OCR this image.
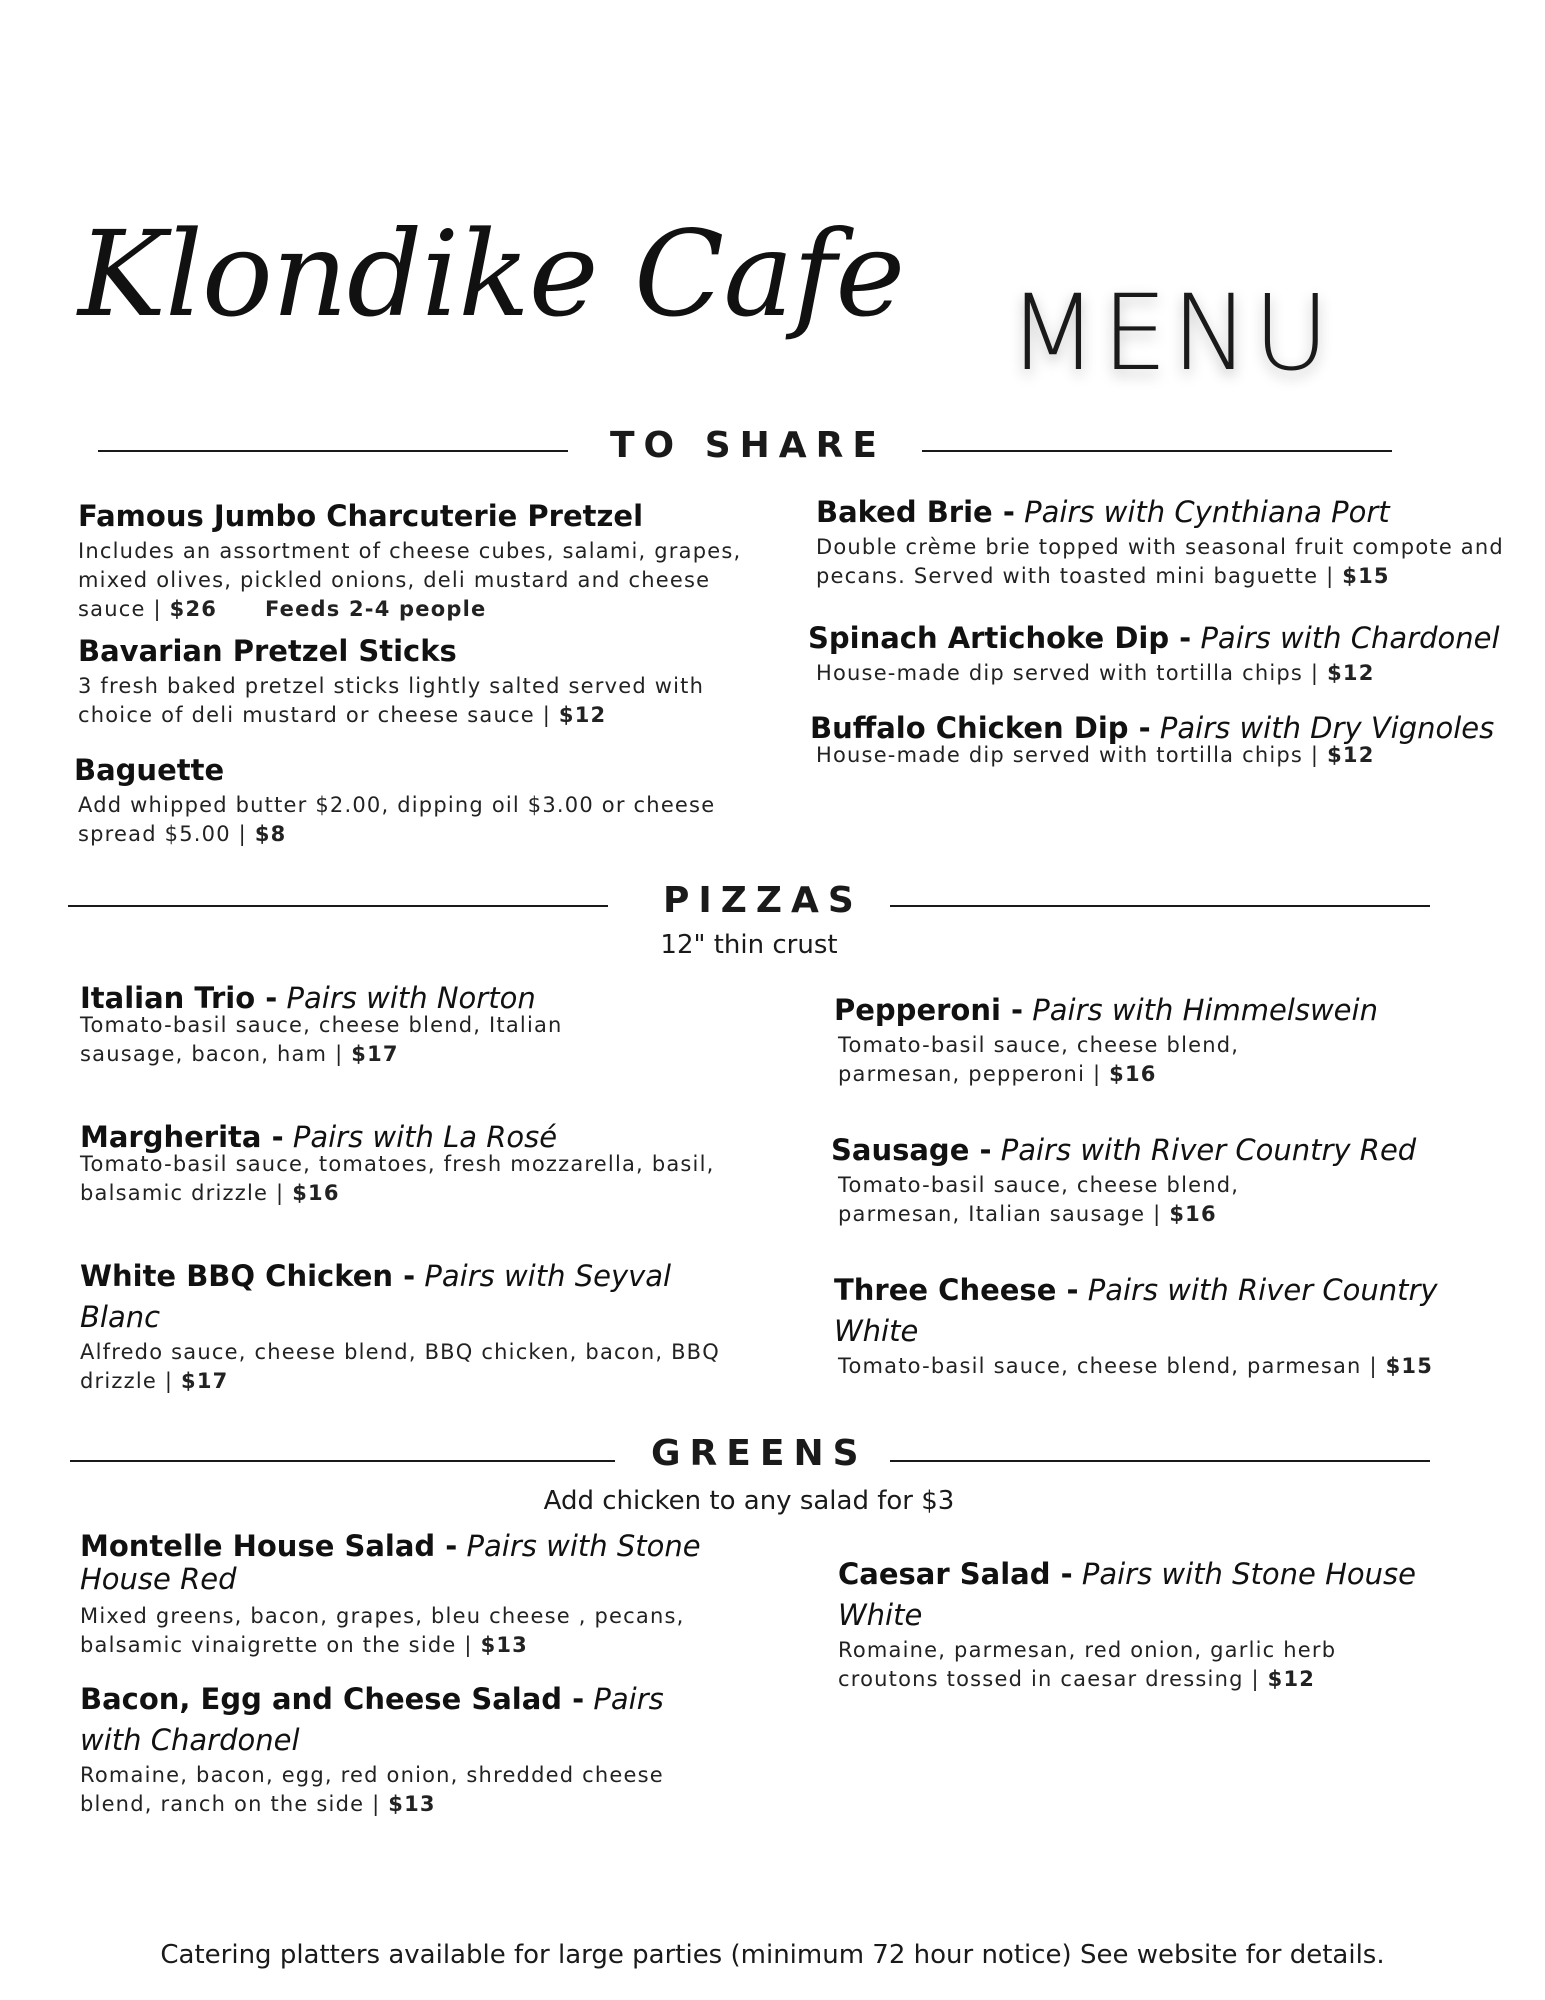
Klondike Cafe MENU
TO SHARE
Famous Jumbo Charcuterie Pretzel
Includes an assortment of cheese cubes, salami, grapes, mixed olives, pickled onions, deli mustard and cheese sauce | $26 Feeds 2-4 people
Bavarian Pretzel Sticks
3 fresh baked pretzel sticks lightly salted served with choice of deli mustard or cheese sauce | $12
Baguette
Add whipped butter $2.00, dipping oil $3.00 or cheese spread $5.00 | $8
Baked Brie - Pairs with Cynthiana Port
Double crème brie topped with seasonal fruit compote and pecans. Served with toasted mini baguette | $15
Spinach Artichoke Dip - Pairs with Chardonel
House-made dip served with tortilla chips | $12
Buffalo Chicken Dip - Pairs with Dry Vignoles
House-made dip served with tortilla chips | $12
PIZZAS
12" thin crust
Italian Trio - Pairs with Norton
Tomato-basil sauce, cheese blend, Italian sausage, bacon, ham | $17
Margherita - Pairs with La Rosé
Tomato-basil sauce, tomatoes, fresh mozzarella, basil, balsamic drizzle | $16
White BBQ Chicken - Pairs with Seyval Blanc
Alfredo sauce, cheese blend, BBQ chicken, bacon, BBQ drizzle | $17
Pepperoni - Pairs with Himmelswein
Tomato-basil sauce, cheese blend, parmesan, pepperoni | $16
Sausage - Pairs with River Country Red
Tomato-basil sauce, cheese blend, parmesan, Italian sausage | $16
Three Cheese - Pairs with River Country White
Tomato-basil sauce, cheese blend, parmesan | $15
GREENS
Add chicken to any salad for $3
Montelle House Salad - Pairs with Stone House Red
Mixed greens, bacon, grapes, bleu cheese , pecans, balsamic vinaigrette on the side | $13
Bacon, Egg and Cheese Salad - Pairs with Chardonel
Romaine, bacon, egg, red onion, shredded cheese blend, ranch on the side | $13
Caesar Salad - Pairs with Stone House White
Romaine, parmesan, red onion, garlic herb croutons tossed in caesar dressing | $12
Catering platters available for large parties (minimum 72 hour notice) See website for details.
